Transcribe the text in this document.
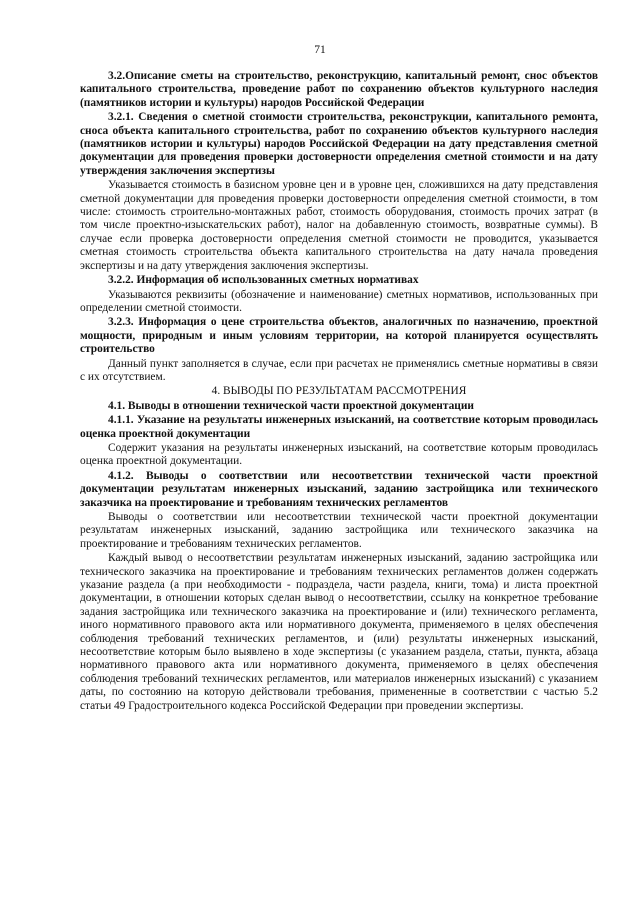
71

3.2.Описание сметы на строительство, реконструкцию, капитальный ремонт, снос объектов капитального строительства, проведение работ по сохранению объектов культурного наследия (памятников истории и культуры) народов Российской Федерации

3.2.1. Сведения о сметной стоимости строительства, реконструкции, капитального ремонта, сноса объекта капитального строительства, работ по сохранению объектов культурного наследия (памятников истории и культуры) народов Российской Федерации на дату представления сметной документации для проведения проверки достоверности определения сметной стоимости и на дату утверждения заключения экспертизы

Указывается стоимость в базисном уровне цен и в уровне цен, сложившихся на дату представления сметной документации для проведения проверки достоверности определения сметной стоимости, в том числе: стоимость строительно-монтажных работ, стоимость оборудования, стоимость прочих затрат (в том числе проектно-изыскательских работ), налог на добавленную стоимость, возвратные суммы). В случае если проверка достоверности определения сметной стоимости не проводится, указывается сметная стоимость строительства объекта капитального строительства на дату начала проведения экспертизы и на дату утверждения заключения экспертизы.

3.2.2. Информация об использованных сметных нормативах

Указываются реквизиты (обозначение и наименование) сметных нормативов, использованных при определении сметной стоимости.

3.2.3. Информация о цене строительства объектов, аналогичных по назначению, проектной мощности, природным и иным условиям территории, на которой планируется осуществлять строительство

Данный пункт заполняется в случае, если при расчетах не применялись сметные нормативы в связи с их отсутствием.

4. ВЫВОДЫ ПО РЕЗУЛЬТАТАМ РАССМОТРЕНИЯ

4.1. Выводы в отношении технической части проектной документации

4.1.1. Указание на результаты инженерных изысканий, на соответствие которым проводилась оценка проектной документации

Содержит указания на результаты инженерных изысканий, на соответствие которым проводилась оценка проектной документации.

4.1.2. Выводы о соответствии или несоответствии технической части проектной документации результатам инженерных изысканий, заданию застройщика или технического заказчика на проектирование и требованиям технических регламентов

Выводы о соответствии или несоответствии технической части проектной документации результатам инженерных изысканий, заданию застройщика или технического заказчика на проектирование и требованиям технических регламентов.

Каждый вывод о несоответствии результатам инженерных изысканий, заданию застройщика или технического заказчика на проектирование и требованиям технических регламентов должен содержать указание раздела (а при необходимости - подраздела, части раздела, книги, тома) и листа проектной документации, в отношении которых сделан вывод о несоответствии, ссылку на конкретное требование задания застройщика или технического заказчика на проектирование и (или) технического регламента, иного нормативного правового акта или нормативного документа, применяемого в целях обеспечения соблюдения требований технических регламентов, и (или) результаты инженерных изысканий, несоответствие которым было выявлено в ходе экспертизы (с указанием раздела, статьи, пункта, абзаца нормативного правового акта или нормативного документа, применяемого в целях обеспечения соблюдения требований технических регламентов, или материалов инженерных изысканий) с указанием даты, по состоянию на которую действовали требования, примененные в соответствии с частью 5.2 статьи 49 Градостроительного кодекса Российской Федерации при проведении экспертизы.
